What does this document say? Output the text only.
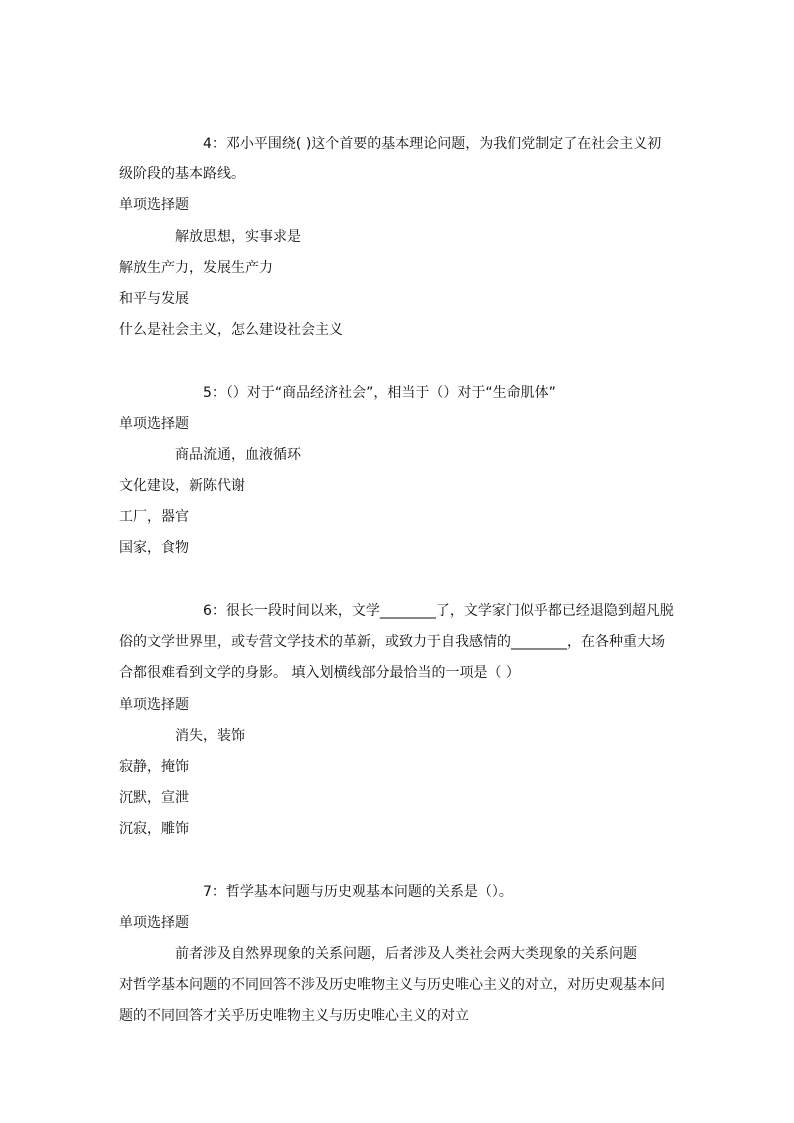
4：邓小平围绕( )这个首要的基本理论问题，为我们党制定了在社会主义初
级阶段的基本路线。
单项选择题
解放思想，实事求是
解放生产力，发展生产力
和平与发展
什么是社会主义，怎么建设社会主义
5：（）对于“商品经济社会”，相当于（）对于“生命肌体”
单项选择题
商品流通，血液循环
文化建设，新陈代谢
工厂，器官
国家，食物
6：很长一段时间以来，文学________了，文学家门似乎都已经退隐到超凡脱
俗的文学世界里，或专营文学技术的革新，或致力于自我感情的________，在各种重大场
合都很难看到文学的身影。 填入划横线部分最恰当的一项是（ ）
单项选择题
消失，装饰
寂静，掩饰
沉默，宣泄
沉寂，雕饰
7：哲学基本问题与历史观基本问题的关系是（）。
单项选择题
前者涉及自然界现象的关系问题，后者涉及人类社会两大类现象的关系问题
对哲学基本问题的不同回答不涉及历史唯物主义与历史唯心主义的对立，对历史观基本问
题的不同回答才关乎历史唯物主义与历史唯心主义的对立
